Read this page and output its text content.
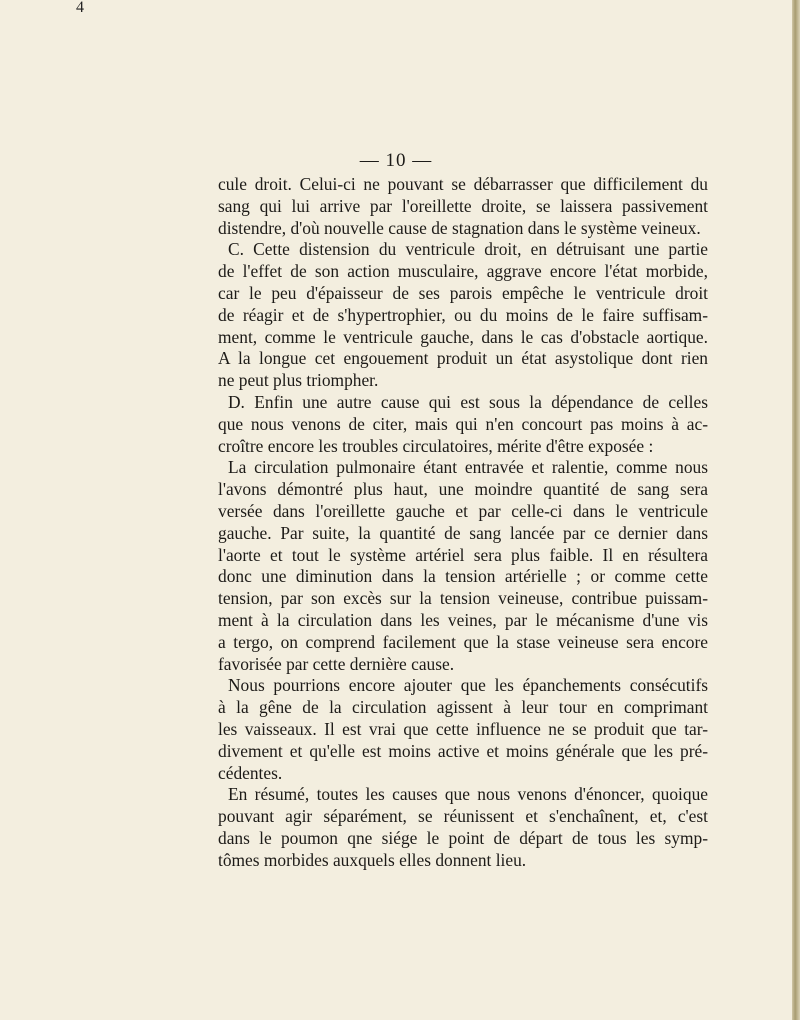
4
— 10 —
cule droit. Celui-ci ne pouvant se débarrasser que difficilement du
sang qui lui arrive par l'oreillette droite, se laissera passivement
distendre, d'où nouvelle cause de stagnation dans le système veineux.
C. Cette distension du ventricule droit, en détruisant une partie
de l'effet de son action musculaire, aggrave encore l'état morbide,
car le peu d'épaisseur de ses parois empêche le ventricule droit
de réagir et de s'hypertrophier, ou du moins de le faire suffisam-
ment, comme le ventricule gauche, dans le cas d'obstacle aortique.
A la longue cet engouement produit un état asystolique dont rien
ne peut plus triompher.
D. Enfin une autre cause qui est sous la dépendance de celles
que nous venons de citer, mais qui n'en concourt pas moins à ac-
croître encore les troubles circulatoires, mérite d'être exposée :
La circulation pulmonaire étant entravée et ralentie, comme nous
l'avons démontré plus haut, une moindre quantité de sang sera
versée dans l'oreillette gauche et par celle-ci dans le ventricule
gauche. Par suite, la quantité de sang lancée par ce dernier dans
l'aorte et tout le système artériel sera plus faible. Il en résultera
donc une diminution dans la tension artérielle ; or comme cette
tension, par son excès sur la tension veineuse, contribue puissam-
ment à la circulation dans les veines, par le mécanisme d'une vis
a tergo, on comprend facilement que la stase veineuse sera encore
favorisée par cette dernière cause.
Nous pourrions encore ajouter que les épanchements consécutifs
à la gêne de la circulation agissent à leur tour en comprimant
les vaisseaux. Il est vrai que cette influence ne se produit que tar-
divement et qu'elle est moins active et moins générale que les pré-
cédentes.
En résumé, toutes les causes que nous venons d'énoncer, quoique
pouvant agir séparément, se réunissent et s'enchaînent, et, c'est
dans le poumon qne siége le point de départ de tous les symp-
tômes morbides auxquels elles donnent lieu.
